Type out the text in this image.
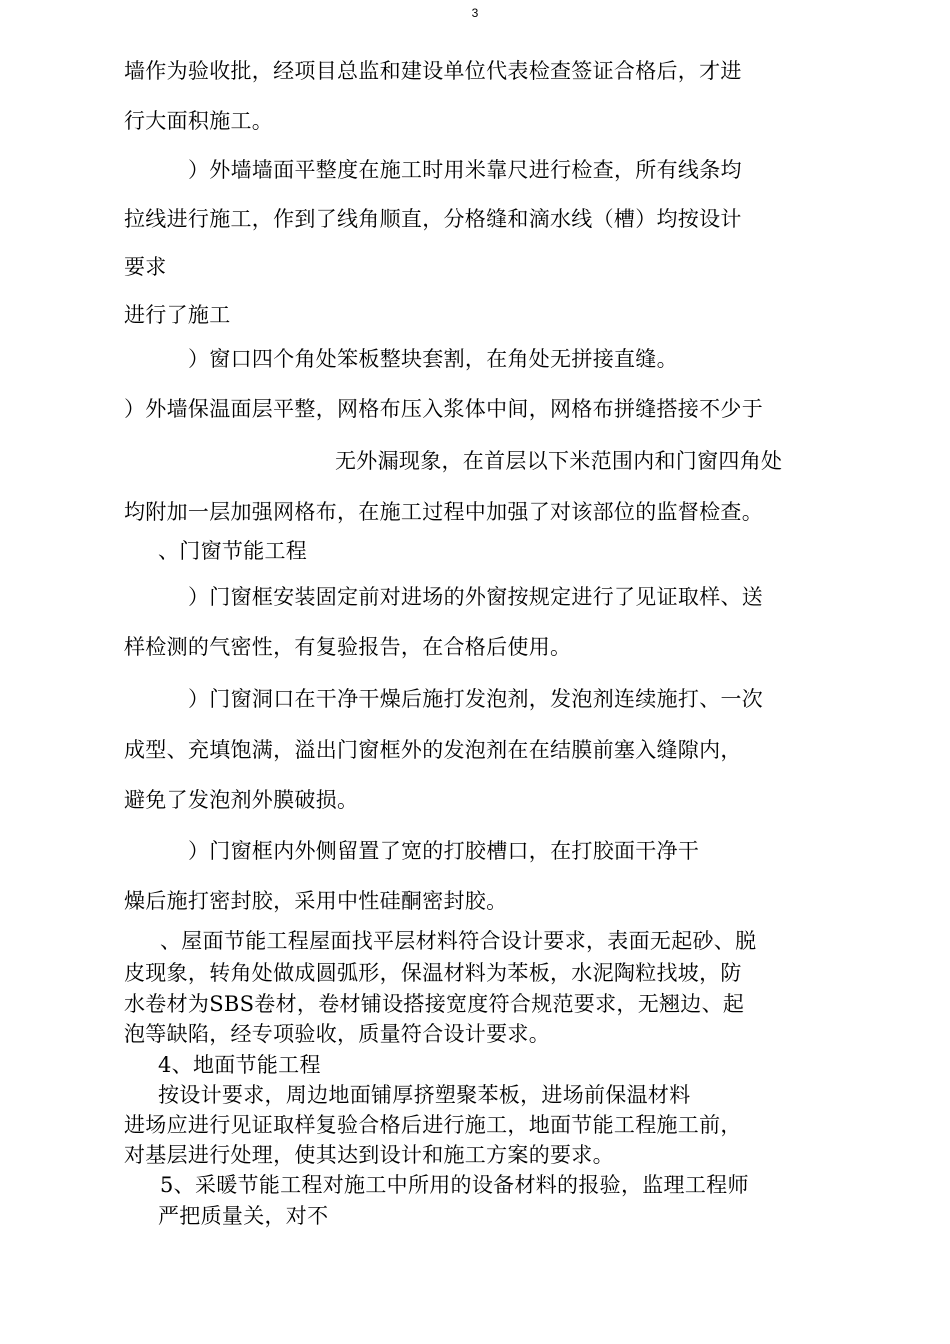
3
墙作为验收批，经项目总监和建设单位代表检查签证合格后，才进
行大面积施工。
）外墙墙面平整度在施工时用米靠尺进行检查，所有线条均
拉线进行施工，作到了线角顺直，分格缝和滴水线（槽）均按设计
要求
进行了施工
）窗口四个角处笨板整块套割，在角处无拼接直缝。
）外墙保温面层平整，网格布压入浆体中间，网格布拼缝搭接不少于
无外漏现象，在首层以下米范围内和门窗四角处
均附加一层加强网格布，在施工过程中加强了对该部位的监督检查。
、门窗节能工程
）门窗框安装固定前对进场的外窗按规定进行了见证取样、送
样检测的气密性，有复验报告，在合格后使用。
）门窗洞口在干净干燥后施打发泡剂，发泡剂连续施打、一次
成型、充填饱满，溢出门窗框外的发泡剂在在结膜前塞入缝隙内，
避免了发泡剂外膜破损。
）门窗框内外侧留置了宽的打胶槽口，在打胶面干净干
燥后施打密封胶，采用中性硅酮密封胶。
、屋面节能工程屋面找平层材料符合设计要求，表面无起砂、脱
皮现象，转角处做成圆弧形，保温材料为苯板，水泥陶粒找坡，防
水卷材为SBS卷材，卷材铺设搭接宽度符合规范要求，无翘边、起
泡等缺陷，经专项验收，质量符合设计要求。
4、地面节能工程
按设计要求，周边地面铺厚挤塑聚苯板，进场前保温材料
进场应进行见证取样复验合格后进行施工，地面节能工程施工前，
对基层进行处理，使其达到设计和施工方案的要求。
5、采暖节能工程对施工中所用的设备材料的报验，监理工程师
严把质量关，对不
